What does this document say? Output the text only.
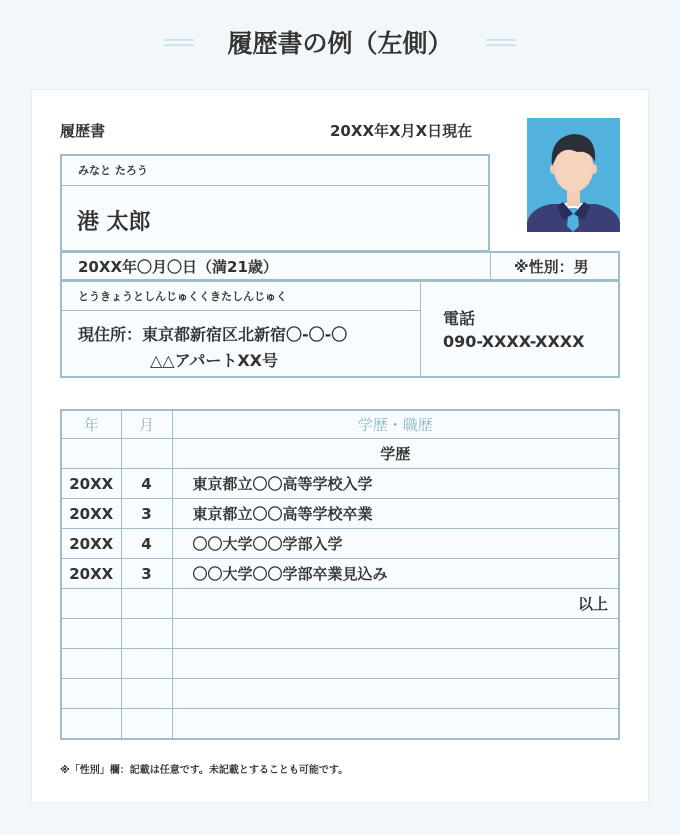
履歴書の例（左側）
履歴書	20XX年X月X日現在
みなと たろう
港 太郎
20XX年〇月〇日（満21歳）	※性別：男
とうきょうとしんじゅくくきたしんじゅく
現住所：東京都新宿区北新宿〇-〇-〇
△△アパートXX号
電話
090-XXXX-XXXX
年	月	学歴・職歴
		学歴
20XX	4	東京都立〇〇高等学校入学
20XX	3	東京都立〇〇高等学校卒業
20XX	4	〇〇大学〇〇学部入学
20XX	3	〇〇大学〇〇学部卒業見込み
		以上

※「性別」欄：記載は任意です。未記載とすることも可能です。
